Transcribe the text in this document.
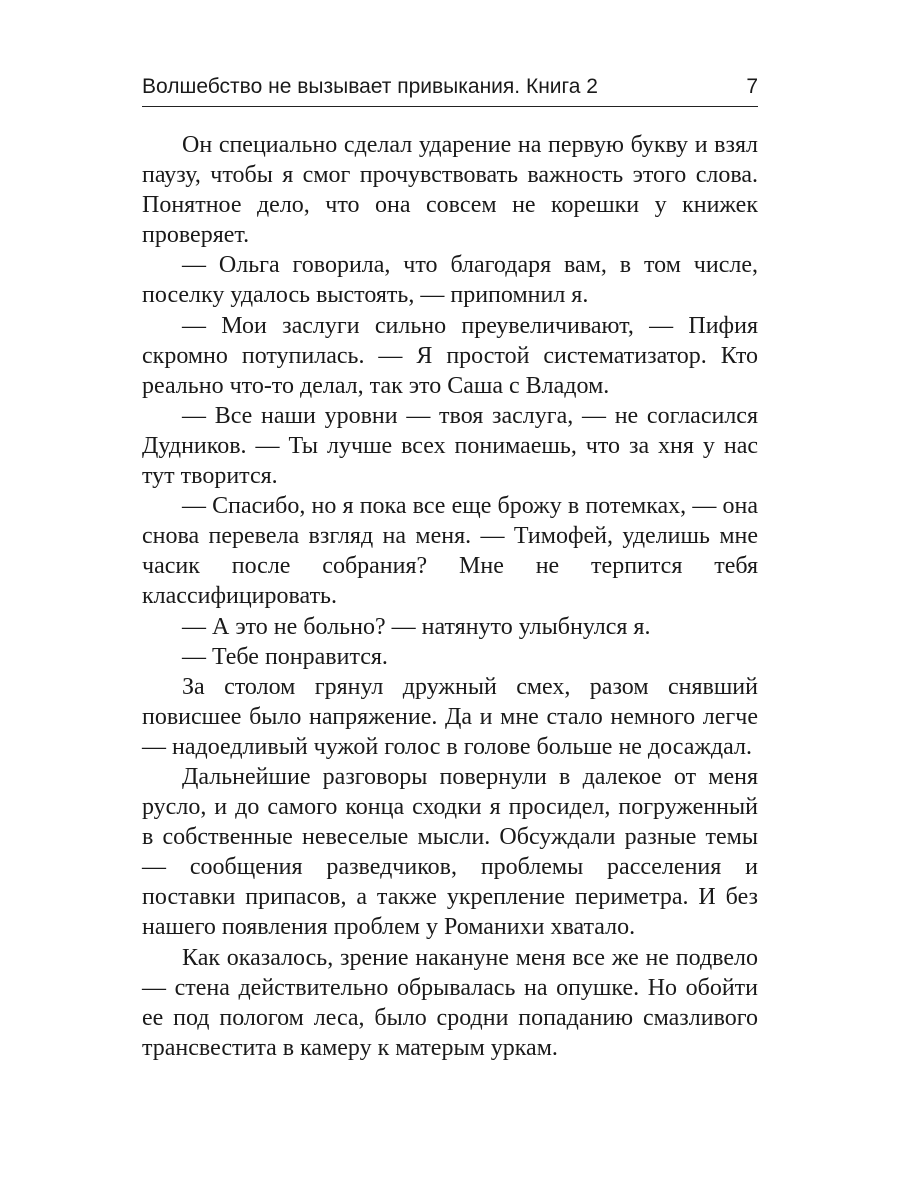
Волшебство не вызывает привыкания. Книга 2	7

Он специально сделал ударение на первую букву и взял паузу, чтобы я смог прочувствовать важность этого слова. Понятное дело, что она совсем не корешки у книжек проверяет.

— Ольга говорила, что благодаря вам, в том числе, поселку удалось выстоять, — припомнил я.

— Мои заслуги сильно преувеличивают, — Пифия скромно потупилась. — Я простой систематизатор. Кто реально что-то делал, так это Саша с Владом.

— Все наши уровни — твоя заслуга, — не согласился Дудников. — Ты лучше всех понимаешь, что за хня у нас тут творится.

— Спасибо, но я пока все еще брожу в потемках, — она снова перевела взгляд на меня. — Тимофей, уделишь мне часик после собрания? Мне не терпится тебя классифицировать.

— А это не больно? — натянуто улыбнулся я.

— Тебе понравится.

За столом грянул дружный смех, разом снявший повисшее было напряжение. Да и мне стало немного легче — надоедливый чужой голос в голове больше не досаждал.

Дальнейшие разговоры повернули в далекое от меня русло, и до самого конца сходки я просидел, погруженный в собственные невеселые мысли. Обсуждали разные темы — сообщения разведчиков, проблемы расселения и поставки припасов, а также укрепление периметра. И без нашего появления проблем у Романихи хватало.

Как оказалось, зрение накануне меня все же не подвело — стена действительно обрывалась на опушке. Но обойти ее под пологом леса, было сродни попаданию смазливого трансвестита в камеру к матерым уркам.
